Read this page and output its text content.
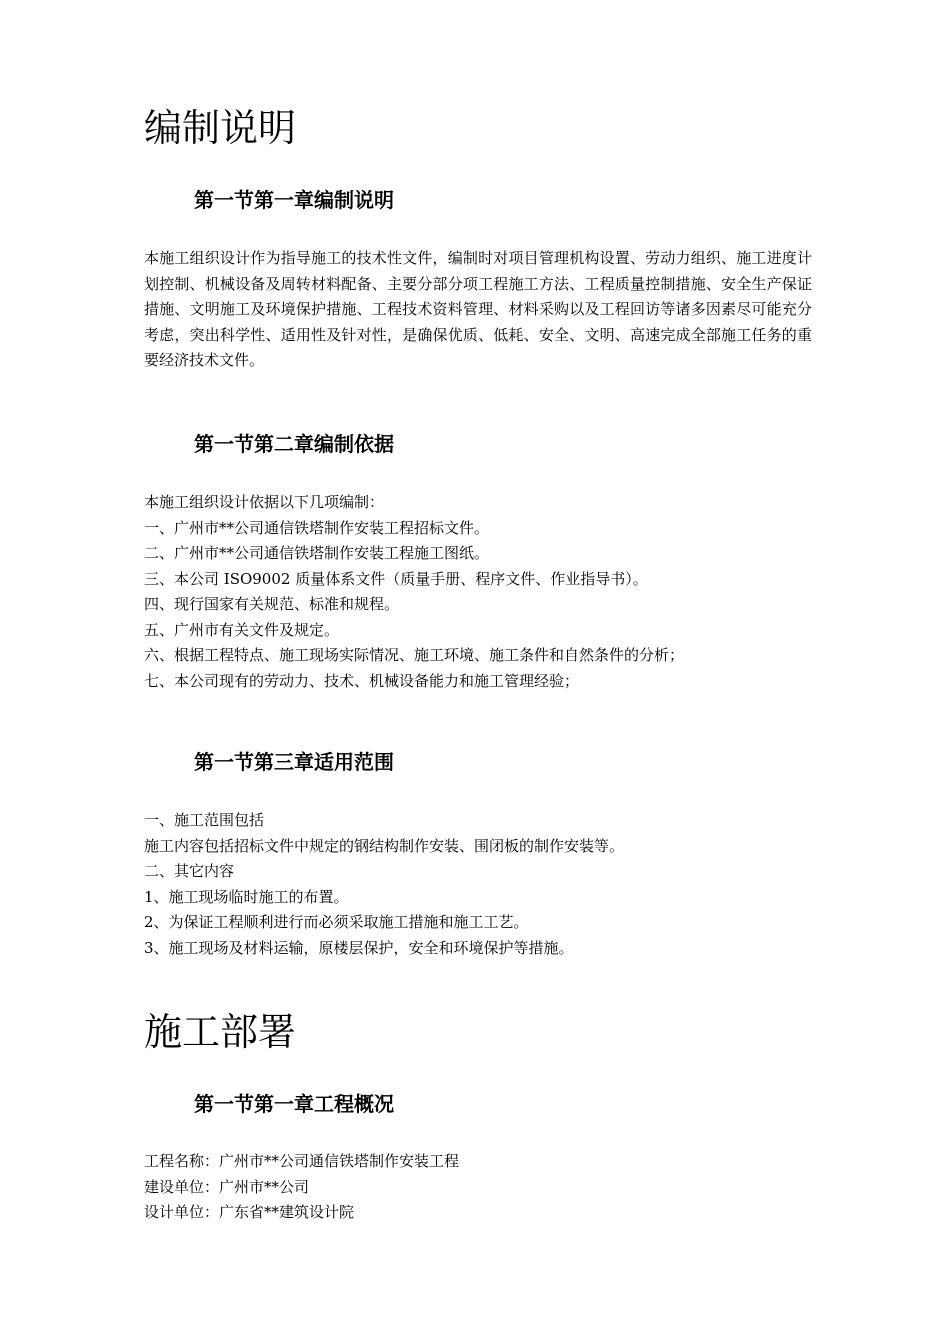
编制说明
第一节第一章编制说明

本施工组织设计作为指导施工的技术性文件，编制时对项目管理机构设置、劳动力组织、施工进度计划控制、机械设备及周转材料配备、主要分部分项工程施工方法、工程质量控制措施、安全生产保证措施、文明施工及环境保护措施、工程技术资料管理、材料采购以及工程回访等诸多因素尽可能充分考虑，突出科学性、适用性及针对性，是确保优质、低耗、安全、文明、高速完成全部施工任务的重要经济技术文件。

第一节第二章编制依据
本施工组织设计依据以下几项编制：
一、广州市**公司通信铁塔制作安装工程招标文件。
二、广州市**公司通信铁塔制作安装工程施工图纸。
三、本公司 ISO9002 质量体系文件（质量手册、程序文件、作业指导书）。
四、现行国家有关规范、标准和规程。
五、广州市有关文件及规定。
六、根据工程特点、施工现场实际情况、施工环境、施工条件和自然条件的分析；
七、本公司现有的劳动力、技术、机械设备能力和施工管理经验；
第一节第三章适用范围
一、施工范围包括
施工内容包括招标文件中规定的钢结构制作安装、围闭板的制作安装等。
二、其它内容
1、施工现场临时施工的布置。
2、为保证工程顺利进行而必须采取施工措施和施工工艺。
3、施工现场及材料运输，原楼层保护，安全和环境保护等措施。
施工部署
第一节第一章工程概况
工程名称：广州市**公司通信铁塔制作安装工程
建设单位：广州市**公司
设计单位：广东省**建筑设计院
